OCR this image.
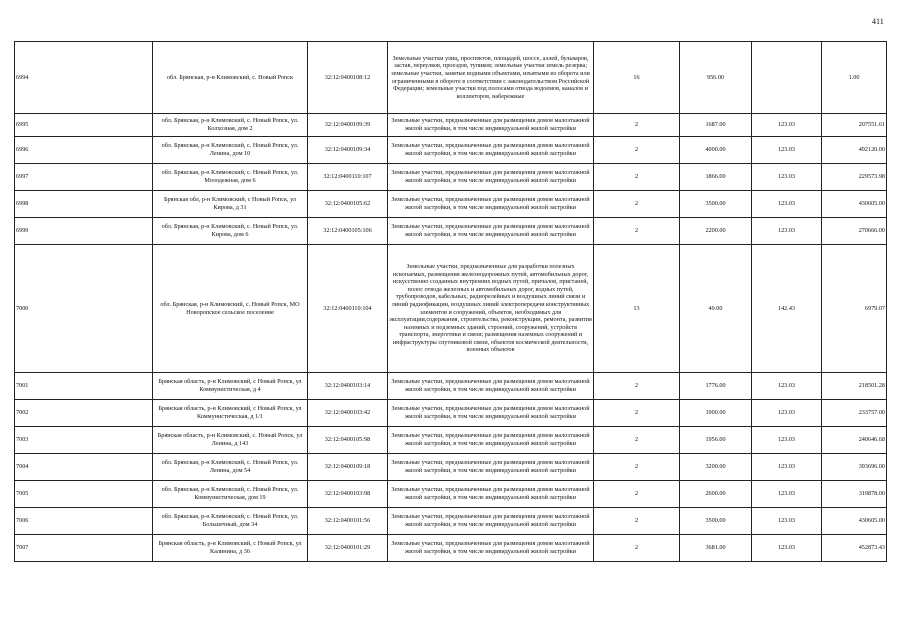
411
6994	обл. Брянская, р-н Климовский, с. Новый Ропск	32:12:0400108:12	Земельные участки улиц, проспектов, площадей, шоссе, аллей, бульваров, застав, переулков, проездов, тупиков; земельные участки земель резерва; земельные участки, занятые водными объектами, изъятыми из оборота или ограниченными в обороте в соответствии с законодательством Российской Федерации; земельные участки под полосами отвода водоемов, каналов и коллекторов, набережные	16	956.00		1.00
6995	обл. Брянская, р-н Климовский, с. Новый Ропск, ул. Колхозная, дом 2	32:12:0400109:39	Земельные участки, предназначенные для размещения домов малоэтажной жилой застройки, в том числе индивидуальной жилой застройки	2	1687.00	123.03	207551.61
6996	обл. Брянская, р-н Климовский, с. Новый Ропск, ул. Ленина, дом 10	32:12:0400109:34	Земельные участки, предназначенные для размещения домов малоэтажной жилой застройки, в том числе индивидуальной жилой застройки	2	4000.00	123.03	492120.00
6997	обл. Брянская, р-н Климовский, с. Новый Ропск, ул. Молодежная, дом 6	32:12:0400110:107	Земельные участки, предназначенные для размещения домов малоэтажной жилой застройки, в том числе индивидуальной жилой застройки	2	1866.00	123.03	229573.98
6998	Брянская обл, р-н Климовский, с Новый Ропск, ул Кирова, д 31	32:12:0400105:62	Земельные участки, предназначенные для размещения домов малоэтажной жилой застройки, в том числе индивидуальной жилой застройки	2	3500.00	123.03	430605.00
6999	обл. Брянская, р-н Климовский, с. Новый Ропск, ул. Кирова, дом 6	32:12:0400105:106	Земельные участки, предназначенные для размещения домов малоэтажной жилой застройки, в том числе индивидуальной жилой застройки	2	2200.00	123.03	270666.00
7000	обл. Брянская, р-н Климовский, с. Новый Ропск, МО Новоропское сельское поселение	32:12:0400110:104	Земельные участки, предназначенные для разработки полезных ископаемых, размещения железнодорожных путей, автомобильных дорог, искусственно созданных внутренних водных путей, причалов, пристаней, полос отвода железных и автомобильных дорог, водных путей, трубопроводов, кабельных, радиорелейных и воздушных линий связи и линий радиофикации, воздушных линий электропередачи конструктивных элементов и сооружений, объектов, необходимых для эксплуатации,содержания, строительства, реконструкции, ремонта, развития наземных и подземных зданий, строений, сооружений, устройств транспорта, энергетики и связи; размещения наземных сооружений и инфраструктуры спутниковой связи, объектов космической деятельности, военных объектов	13	49.00	142.43	6979.07
7001	Брянская область, р-н Климовский, с Новый Ропск, ул Коммунистическая, д 4	32:12:0400103:14	Земельные участки, предназначенные для размещения домов малоэтажной жилой застройки, в том числе индивидуальной жилой застройки	2	1776.00	123.03	218501.28
7002	Брянская область, р-н Климовский, с Новый Ропск, ул Коммунистическая, д 1/1	32:12:0400103:42	Земельные участки, предназначенные для размещения домов малоэтажной жилой застройки, в том числе индивидуальной жилой застройки	2	1900.00	123.03	233757.00
7003	Брянская область, р-н Климовский, с. Новый Ропск, ул Ленина, д 143	32:12:0400105:98	Земельные участки, предназначенные для размещения домов малоэтажной жилой застройки, в том числе индивидуальной жилой застройки	2	1956.00	123.03	240646.68
7004	обл. Брянская, р-н Климовский, с. Новый Ропск, ул. Ленина, дом 54	32:12:0400109:18	Земельные участки, предназначенные для размещения домов малоэтажной жилой застройки, в том числе индивидуальной жилой застройки	2	3200.00	123.03	393696.00
7005	обл. Брянская, р-н Климовский, с. Новый Ропск, ул. Коммунистическая, дом 19	32:12:0400103:98	Земельные участки, предназначенные для размещения домов малоэтажной жилой застройки, в том числе индивидуальной жилой застройки	2	2600.00	123.03	319878.00
7006	обл. Брянская, р-н Климовский, с. Новый Ропск, ул. Большечный, дом 34	32:12:0400101:56	Земельные участки, предназначенные для размещения домов малоэтажной жилой застройки, в том числе индивидуальной жилой застройки	2	3500.00	123.03	430605.00
7007	Брянская область, р-н Климовский, с Новый Ропск, ул Калинина, д 36	32:12:0400101:29	Земельные участки, предназначенные для размещения домов малоэтажной жилой застройки, в том числе индивидуальной жилой застройки	2	3681.00	123.03	452873.43
